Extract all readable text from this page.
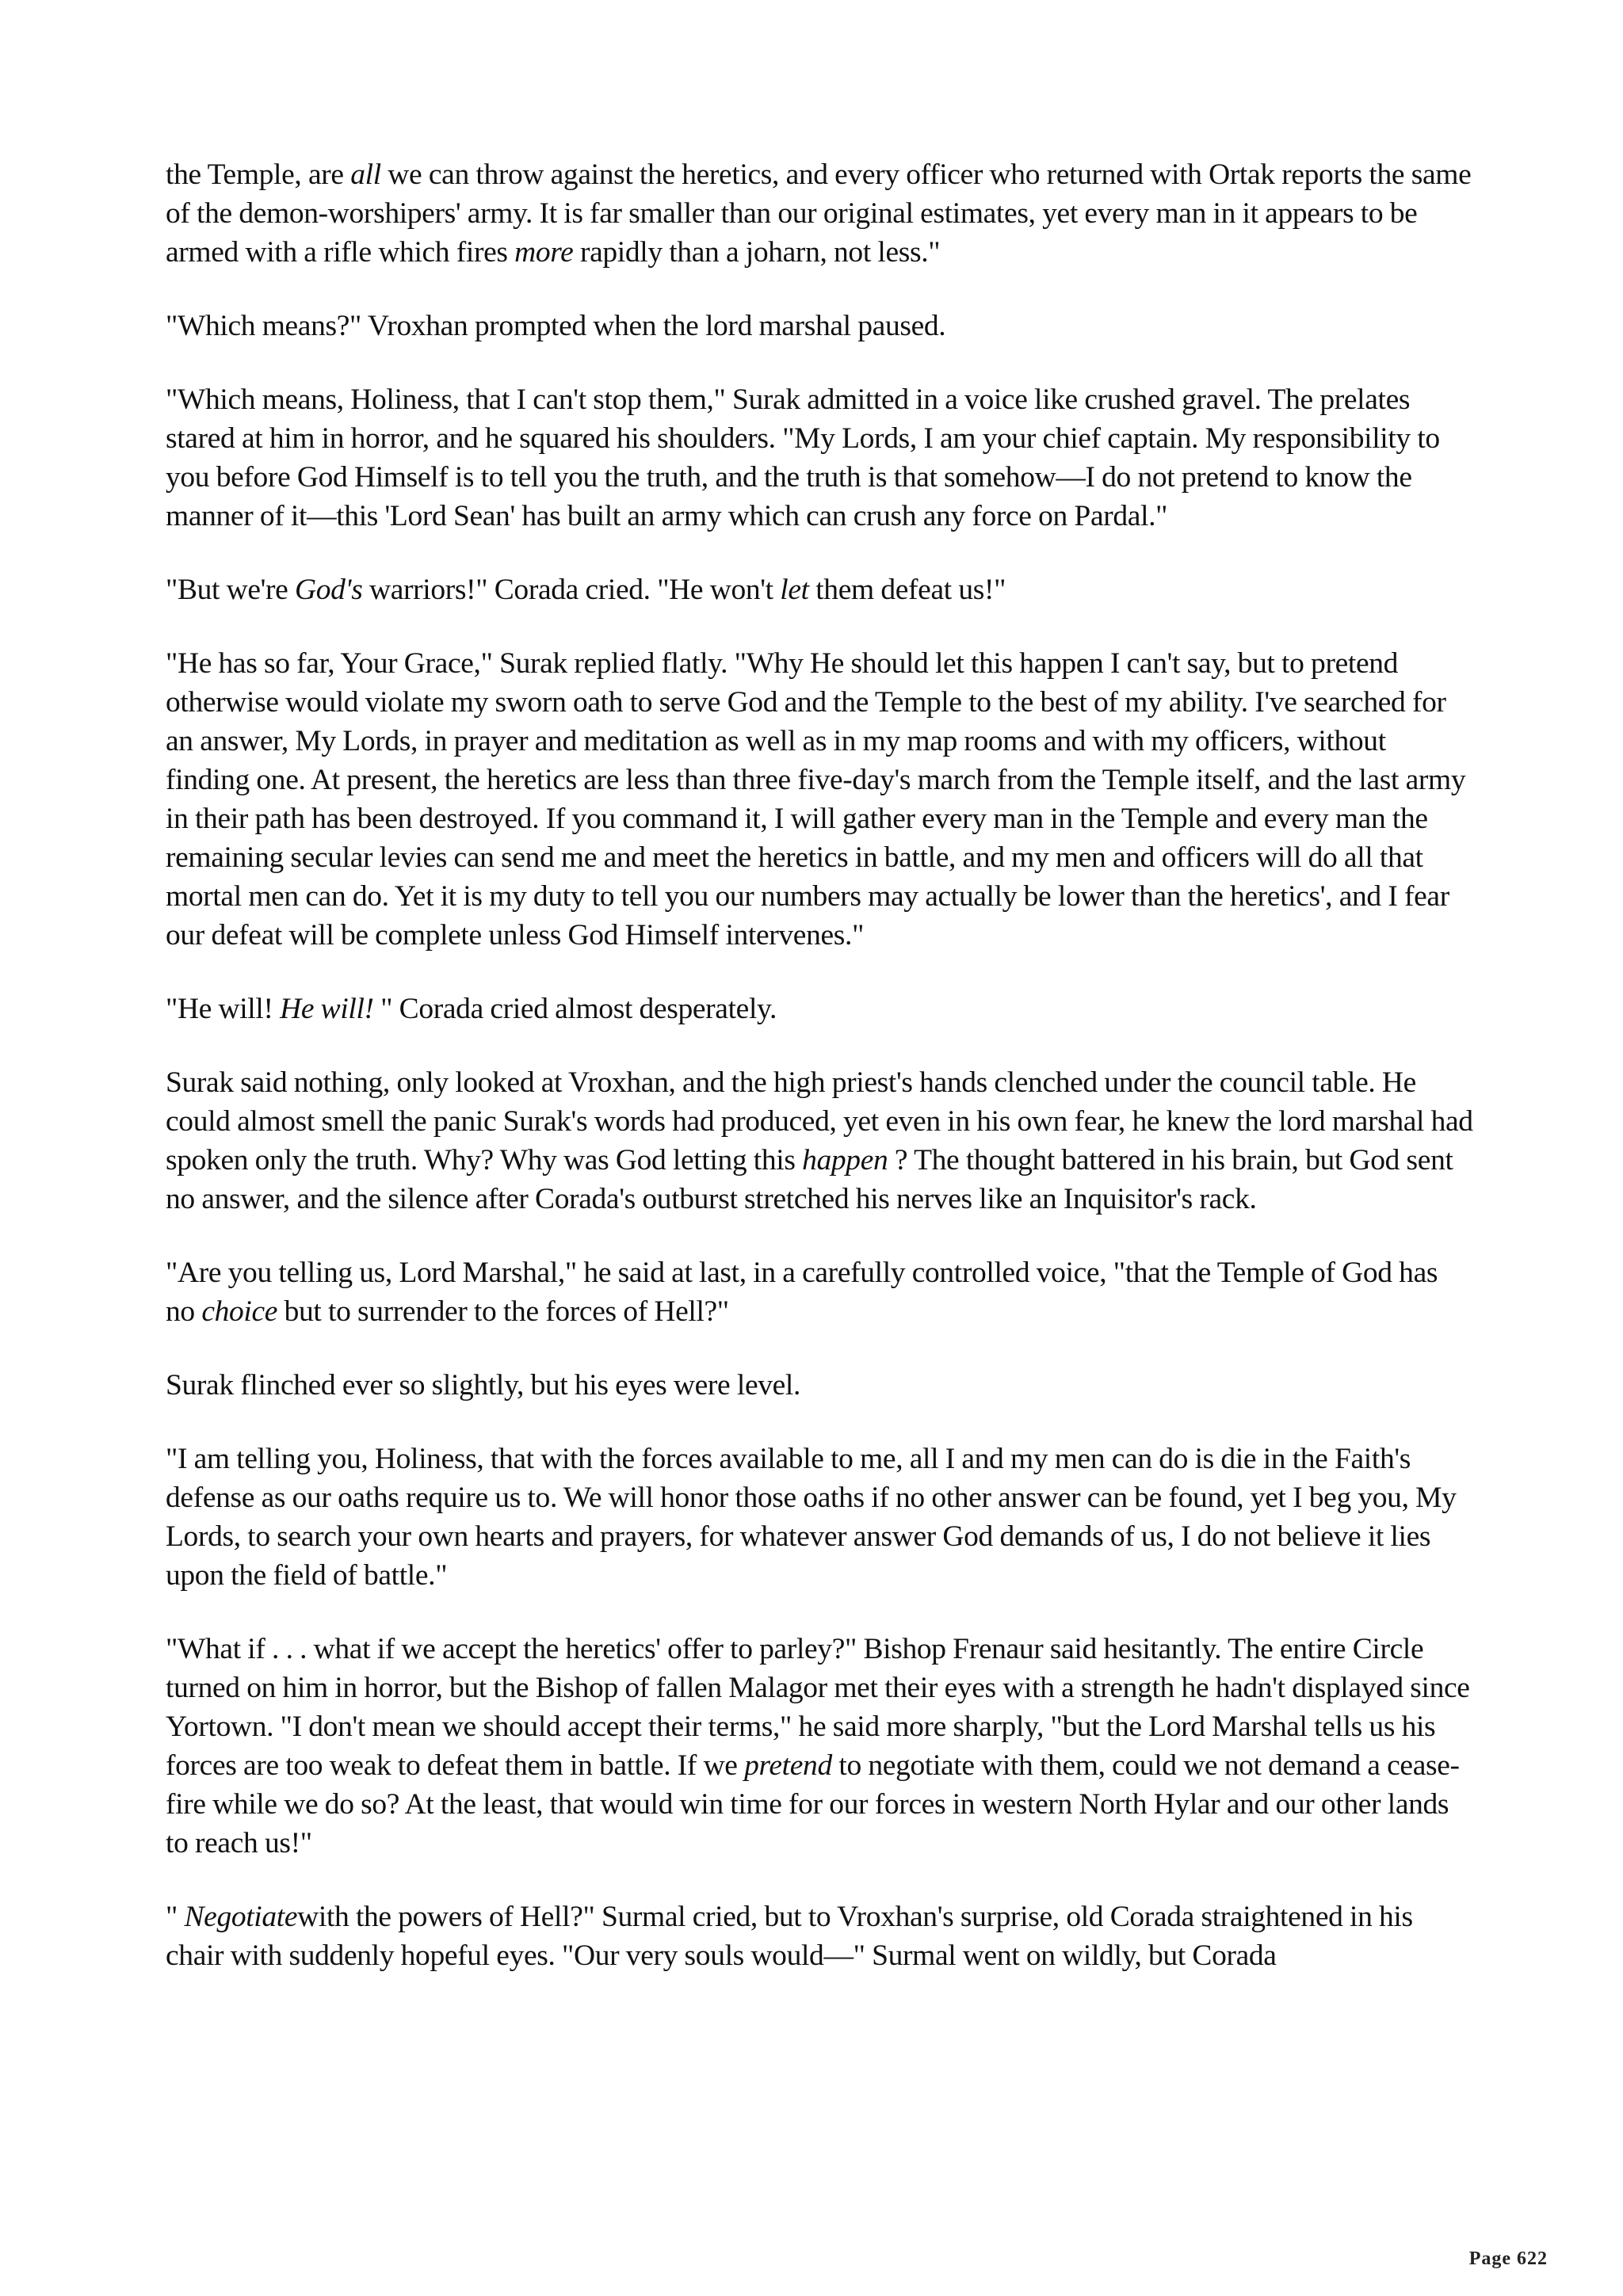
the Temple, are all we can throw against the heretics, and every officer who returned with Ortak reports the same of the demon-worshipers' army. It is far smaller than our original estimates, yet every man in it appears to be armed with a rifle which fires more rapidly than a joharn, not less."

"Which means?" Vroxhan prompted when the lord marshal paused.

"Which means, Holiness, that I can't stop them," Surak admitted in a voice like crushed gravel. The prelates stared at him in horror, and he squared his shoulders. "My Lords, I am your chief captain. My responsibility to you before God Himself is to tell you the truth, and the truth is that somehow—I do not pretend to know the manner of it—this 'Lord Sean' has built an army which can crush any force on Pardal."

"But we're God's warriors!" Corada cried. "He won't let them defeat us!"

"He has so far, Your Grace," Surak replied flatly. "Why He should let this happen I can't say, but to pretend otherwise would violate my sworn oath to serve God and the Temple to the best of my ability. I've searched for an answer, My Lords, in prayer and meditation as well as in my map rooms and with my officers, without finding one. At present, the heretics are less than three five-day's march from the Temple itself, and the last army in their path has been destroyed. If you command it, I will gather every man in the Temple and every man the remaining secular levies can send me and meet the heretics in battle, and my men and officers will do all that mortal men can do. Yet it is my duty to tell you our numbers may actually be lower than the heretics', and I fear our defeat will be complete unless God Himself intervenes."

"He will! He will! " Corada cried almost desperately.

Surak said nothing, only looked at Vroxhan, and the high priest's hands clenched under the council table. He could almost smell the panic Surak's words had produced, yet even in his own fear, he knew the lord marshal had spoken only the truth. Why? Why was God letting this happen ? The thought battered in his brain, but God sent no answer, and the silence after Corada's outburst stretched his nerves like an Inquisitor's rack.

"Are you telling us, Lord Marshal," he said at last, in a carefully controlled voice, "that the Temple of God has no choice but to surrender to the forces of Hell?"

Surak flinched ever so slightly, but his eyes were level.

"I am telling you, Holiness, that with the forces available to me, all I and my men can do is die in the Faith's defense as our oaths require us to. We will honor those oaths if no other answer can be found, yet I beg you, My Lords, to search your own hearts and prayers, for whatever answer God demands of us, I do not believe it lies upon the field of battle."

"What if . . . what if we accept the heretics' offer to parley?" Bishop Frenaur said hesitantly. The entire Circle turned on him in horror, but the Bishop of fallen Malagor met their eyes with a strength he hadn't displayed since Yortown. "I don't mean we should accept their terms," he said more sharply, "but the Lord Marshal tells us his forces are too weak to defeat them in battle. If we pretend to negotiate with them, could we not demand a cease-fire while we do so? At the least, that would win time for our forces in western North Hylar and our other lands to reach us!"

" Negotiatewith the powers of Hell?" Surmal cried, but to Vroxhan's surprise, old Corada straightened in his chair with suddenly hopeful eyes. "Our very souls would—" Surmal went on wildly, but Corada

Page 622
